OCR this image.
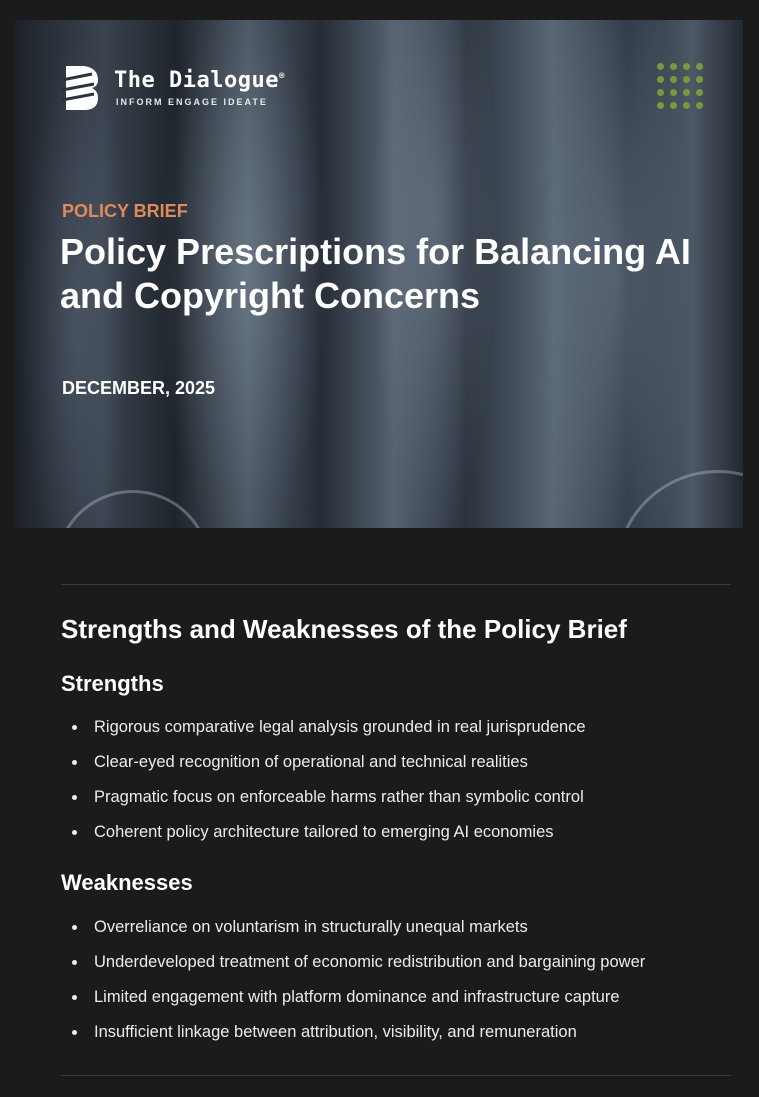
The Dialogue®
INFORM ENGAGE IDEATE
POLICY BRIEF
Policy Prescriptions for Balancing AI and Copyright Concerns
DECEMBER, 2025
Strengths and Weaknesses of the Policy Brief
Strengths
Rigorous comparative legal analysis grounded in real jurisprudence
Clear-eyed recognition of operational and technical realities
Pragmatic focus on enforceable harms rather than symbolic control
Coherent policy architecture tailored to emerging AI economies
Weaknesses
Overreliance on voluntarism in structurally unequal markets
Underdeveloped treatment of economic redistribution and bargaining power
Limited engagement with platform dominance and infrastructure capture
Insufficient linkage between attribution, visibility, and remuneration
